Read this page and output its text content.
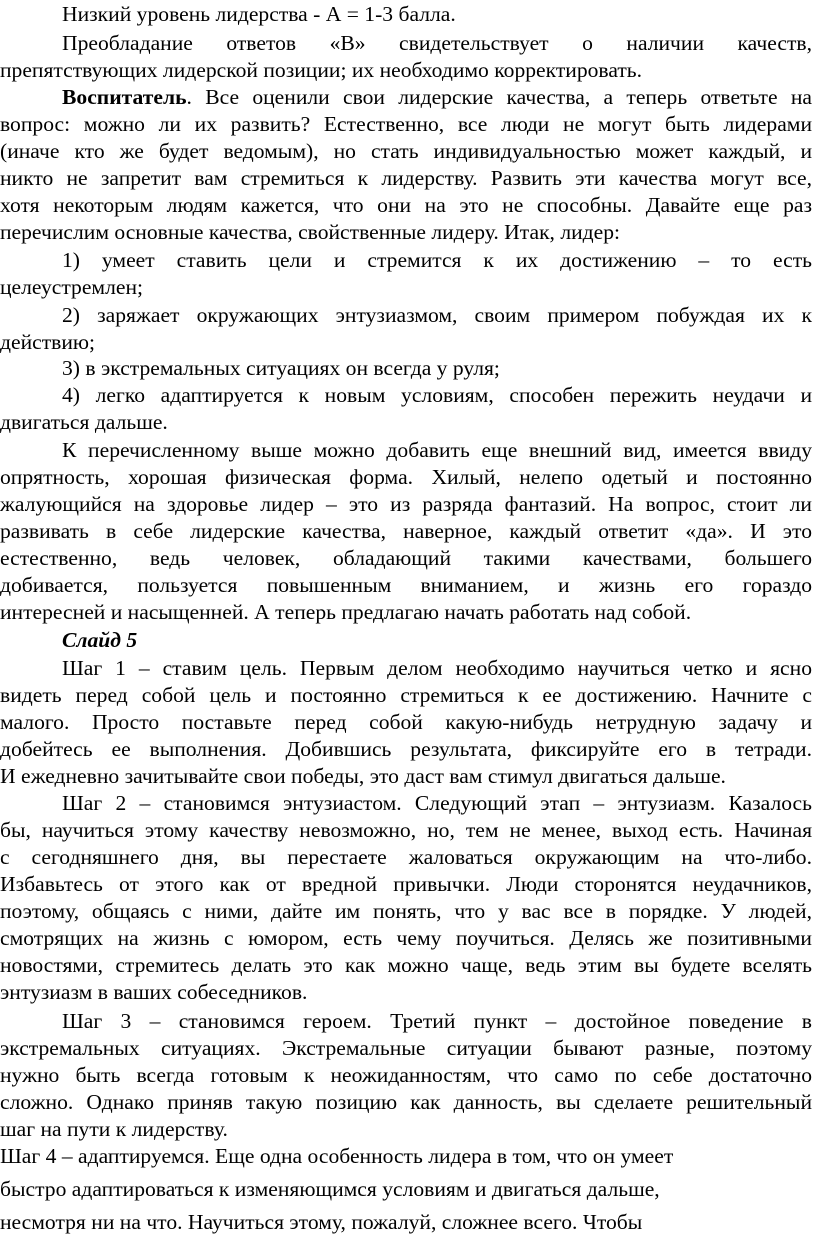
Низкий уровень лидерства - А = 1-3 балла.
Преобладание ответов «В» свидетельствует о наличии качеств,
препятствующих лидерской позиции; их необходимо корректировать.
Воспитатель. Все оценили свои лидерские качества, а теперь ответьте на
вопрос: можно ли их развить? Естественно, все люди не могут быть лидерами
(иначе кто же будет ведомым), но стать индивидуальностью может каждый, и
никто не запретит вам стремиться к лидерству. Развить эти качества могут все,
хотя некоторым людям кажется, что они на это не способны. Давайте еще раз
перечислим основные качества, свойственные лидеру. Итак, лидер:
1) умеет ставить цели и стремится к их достижению – то есть
целеустремлен;
2) заряжает окружающих энтузиазмом, своим примером побуждая их к
действию;
3) в экстремальных ситуациях он всегда у руля;
4) легко адаптируется к новым условиям, способен пережить неудачи и
двигаться дальше.
К перечисленному выше можно добавить еще внешний вид, имеется ввиду
опрятность, хорошая физическая форма. Хилый, нелепо одетый и постоянно
жалующийся на здоровье лидер – это из разряда фантазий. На вопрос, стоит ли
развивать в себе лидерские качества, наверное, каждый ответит «да». И это
естественно, ведь человек, обладающий такими качествами, большего
добивается, пользуется повышенным вниманием, и жизнь его гораздо
интересней и насыщенней. А теперь предлагаю начать работать над собой.
Слайд 5
Шаг 1 – ставим цель. Первым делом необходимо научиться четко и ясно
видеть перед собой цель и постоянно стремиться к ее достижению. Начните с
малого. Просто поставьте перед собой какую-нибудь нетрудную задачу и
добейтесь ее выполнения. Добившись результата, фиксируйте его в тетради.
И ежедневно зачитывайте свои победы, это даст вам стимул двигаться дальше.
Шаг 2 – становимся энтузиастом. Следующий этап – энтузиазм. Казалось
бы, научиться этому качеству невозможно, но, тем не менее, выход есть. Начиная
с сегодняшнего дня, вы перестаете жаловаться окружающим на что-либо.
Избавьтесь от этого как от вредной привычки. Люди сторонятся неудачников,
поэтому, общаясь с ними, дайте им понять, что у вас все в порядке. У людей,
смотрящих на жизнь с юмором, есть чему поучиться. Делясь же позитивными
новостями, стремитесь делать это как можно чаще, ведь этим вы будете вселять
энтузиазм в ваших собеседников.
Шаг 3 – становимся героем. Третий пункт – достойное поведение в
экстремальных ситуациях. Экстремальные ситуации бывают разные, поэтому
нужно быть всегда готовым к неожиданностям, что само по себе достаточно
сложно. Однако приняв такую позицию как данность, вы сделаете решительный
шаг на пути к лидерству.
Шаг 4 – адаптируемся. Еще одна особенность лидера в том, что он умеет
быстро адаптироваться к изменяющимся условиям и двигаться дальше,
несмотря ни на что. Научиться этому, пожалуй, сложнее всего. Чтобы
